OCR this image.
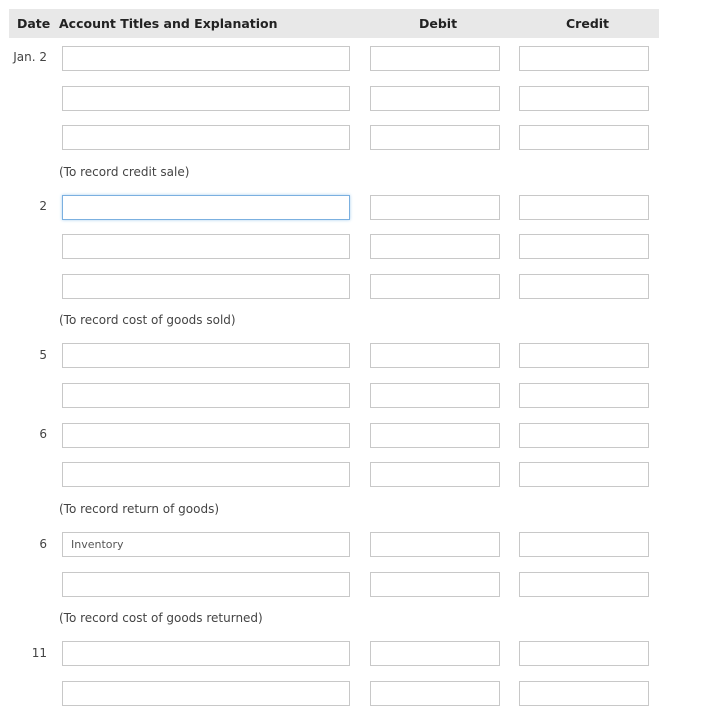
Date Account Titles and Explanation	Debit	Credit
Jan. 2
2
5
6
6
11
(To record credit sale)
(To record cost of goods sold)
(To record return of goods)
(To record cost of goods returned)
Inventory
